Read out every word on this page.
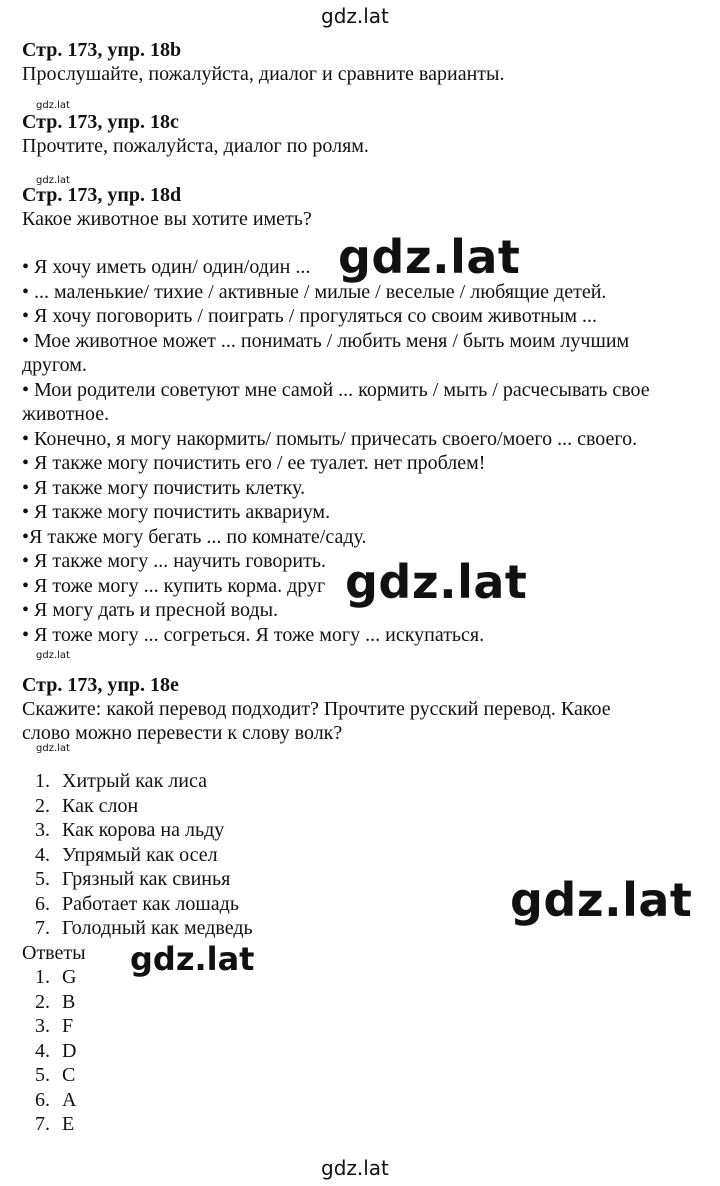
gdz.lat
Стр. 173, упр. 18b
Прослушайте, пожалуйста, диалог и сравните варианты.
gdz.lat
Стр. 173, упр. 18c
Прочтите, пожалуйста, диалог по ролям.
gdz.lat
Стр. 173, упр. 18d
Какое животное вы хотите иметь?

• Я хочу иметь один/ один/один ...

• ... маленькие/ тихие / активные / милые / веселые / любящие детей.

• Я хочу поговорить / поиграть / прогуляться со своим животным ...

• Мое животное может ... понимать / любить меня / быть моим лучшим

другом.

• Мои родители советуют мне самой ... кормить / мыть / расчесывать свое

животное.

• Конечно, я могу накормить/ помыть/ причесать своего/моего ... своего.

• Я также могу почистить его / ее туалет. нет проблем!

• Я также могу почистить клетку.

• Я также могу почистить аквариум.

•Я также могу бегать ... по комнате/саду.

• Я также могу ... научить говорить.

• Я тоже могу ... купить корма. друг

• Я могу дать и пресной воды.

• Я тоже могу ... согреться. Я тоже могу ... искупаться.

gdz.lat
gdz.lat
gdz.lat
Стр. 173, упр. 18e
Скажите: какой перевод подходит? Прочтите русский перевод. Какое
слово можно перевести к слову волк?
gdz.lat
1. Хитрый как лиса
2. Как слон
3. Как корова на льду
4. Упрямый как осел
5. Грязный как свинья
6. Работает как лошадь
7. Голодный как медведь
gdz.lat
Ответы gdz.lat
1. G
2. B
3. F
4. D
5. C
6. A
7. E
gdz.lat
